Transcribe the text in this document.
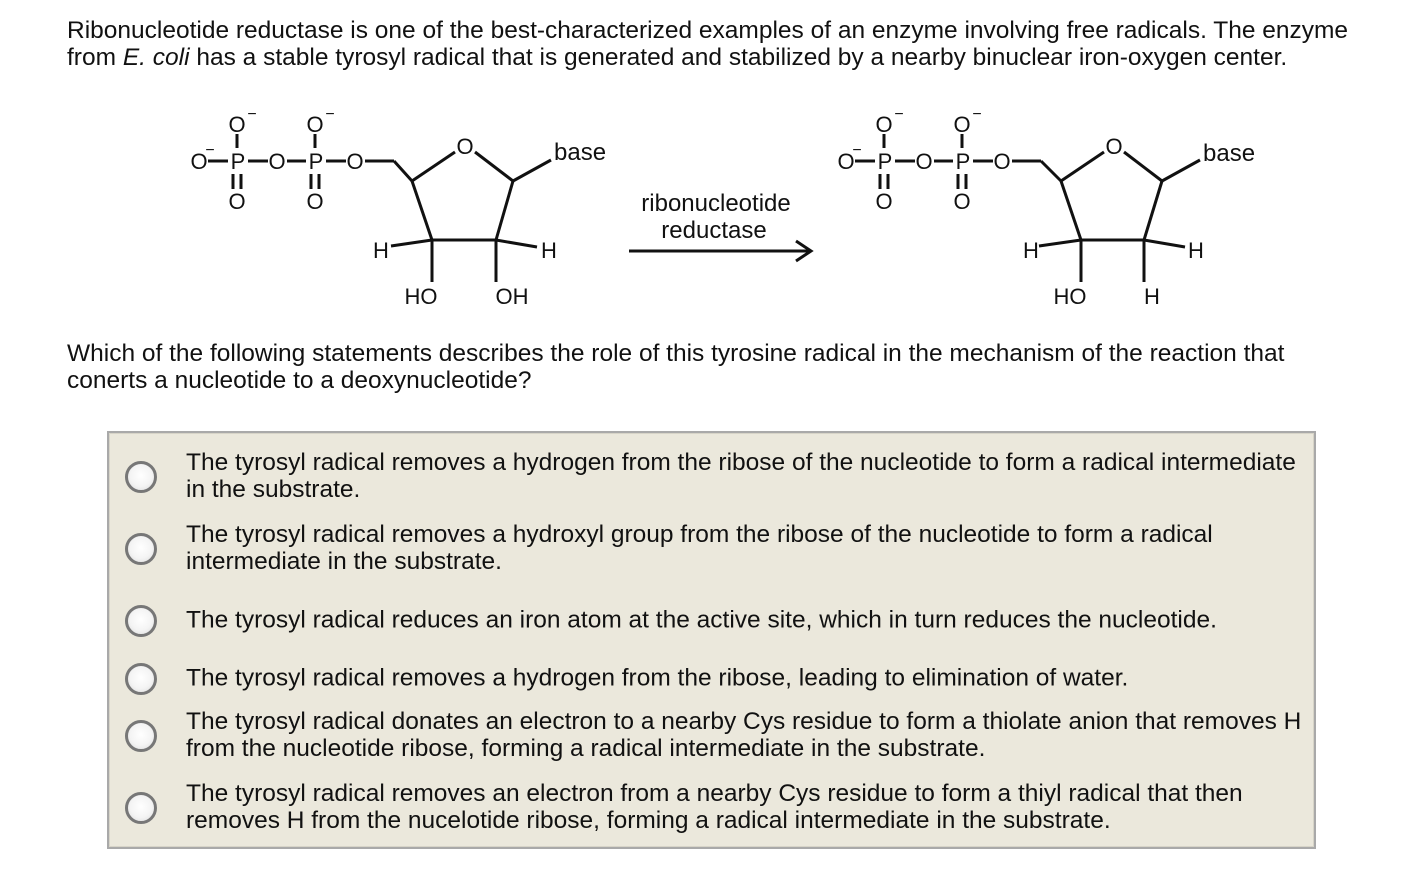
Ribonucleotide reductase is one of the best-characterized examples of an enzyme involving free radicals. The enzyme from E. coli has a stable tyrosyl radical that is generated and stabilized by a nearby binuclear iron-oxygen center.

O − O −
O
− P O P O
O	O
O	base
H	H
HO	OH
ribonucleotide
reductase
O − O −
O
− P O P O
O	O
O	base
H	H
HO	H

Which of the following statements describes the role of this tyrosine radical in the mechanism of the reaction that conerts a nucleotide to a deoxynucleotide?

The tyrosyl radical removes a hydrogen from the ribose of the nucleotide to form a radical intermediate in the substrate.
The tyrosyl radical removes a hydroxyl group from the ribose of the nucleotide to form a radical intermediate in the substrate.
The tyrosyl radical reduces an iron atom at the active site, which in turn reduces the nucleotide.
The tyrosyl radical removes a hydrogen from the ribose, leading to elimination of water.
The tyrosyl radical donates an electron to a nearby Cys residue to form a thiolate anion that removes H from the nucleotide ribose, forming a radical intermediate in the substrate.
The tyrosyl radical removes an electron from a nearby Cys residue to form a thiyl radical that then removes H from the nucelotide ribose, forming a radical intermediate in the substrate.
